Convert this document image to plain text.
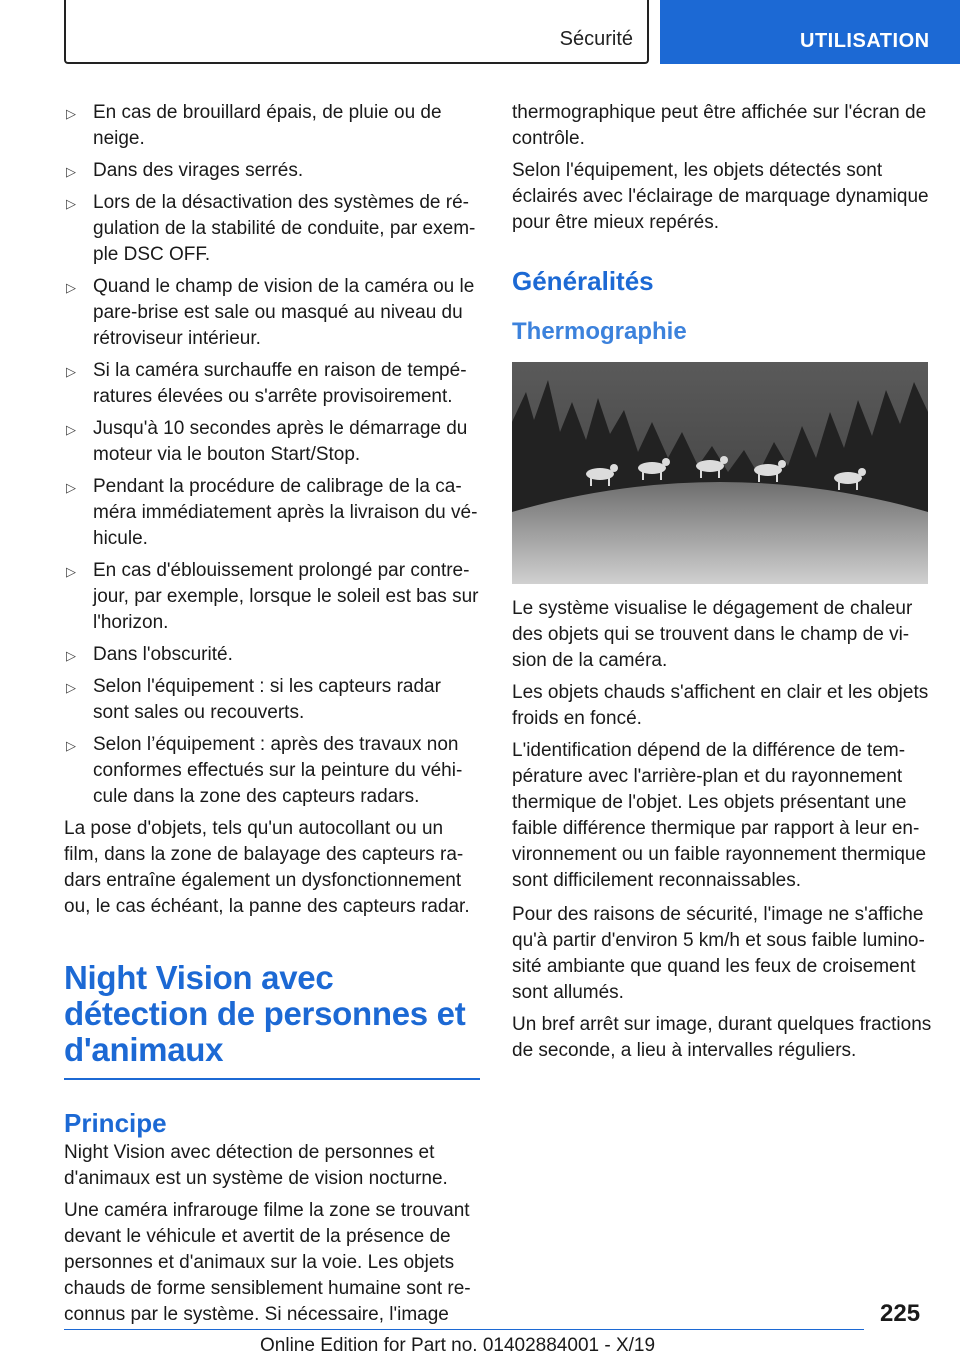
Sécurité	UTILISATION
▷ En cas de brouillard épais, de pluie ou de neige.
▷ Dans des virages serrés.
▷ Lors de la désactivation des systèmes de régulation de la stabilité de conduite, par exemple DSC OFF.
▷ Quand le champ de vision de la caméra ou le pare-brise est sale ou masqué au niveau du rétroviseur intérieur.
▷ Si la caméra surchauffe en raison de températures élevées ou s'arrête provisoirement.
▷ Jusqu'à 10 secondes après le démarrage du moteur via le bouton Start/Stop.
▷ Pendant la procédure de calibrage de la caméra immédiatement après la livraison du véhicule.
▷ En cas d'éblouissement prolongé par contrejour, par exemple, lorsque le soleil est bas sur l'horizon.
▷ Dans l'obscurité.
▷ Selon l'équipement : si les capteurs radar sont sales ou recouverts.
▷ Selon l’équipement : après des travaux non conformes effectués sur la peinture du véhicule dans la zone des capteurs radars.

La pose d'objets, tels qu'un autocollant ou un film, dans la zone de balayage des capteurs radars entraîne également un dysfonctionnement ou, le cas échéant, la panne des capteurs radar.

Night Vision avec détection de personnes et d'animaux
Principe

Night Vision avec détection de personnes et d'animaux est un système de vision nocturne.

Une caméra infrarouge filme la zone se trouvant devant le véhicule et avertit de la présence de personnes et d'animaux sur la voie. Les objets chauds de forme sensiblement humaine sont reconnus par le système. Si nécessaire, l'image

thermographique peut être affichée sur l'écran de contrôle.

Selon l'équipement, les objets détectés sont éclairés avec l'éclairage de marquage dynamique pour être mieux repérés.

Généralités
Thermographie

Le système visualise le dégagement de chaleur des objets qui se trouvent dans le champ de vision de la caméra.

Les objets chauds s'affichent en clair et les objets froids en foncé.

L'identification dépend de la différence de température avec l'arrière-plan et du rayonnement thermique de l'objet. Les objets présentant une faible différence thermique par rapport à leur environnement ou un faible rayonnement thermique sont difficilement reconnaissables.

Pour des raisons de sécurité, l'image ne s'affiche qu'à partir d'environ 5 km/h et sous faible luminosité ambiante que quand les feux de croisement sont allumés.

Un bref arrêt sur image, durant quelques fractions de seconde, a lieu à intervalles réguliers.

225
Online Edition for Part no. 01402884001 - X/19
